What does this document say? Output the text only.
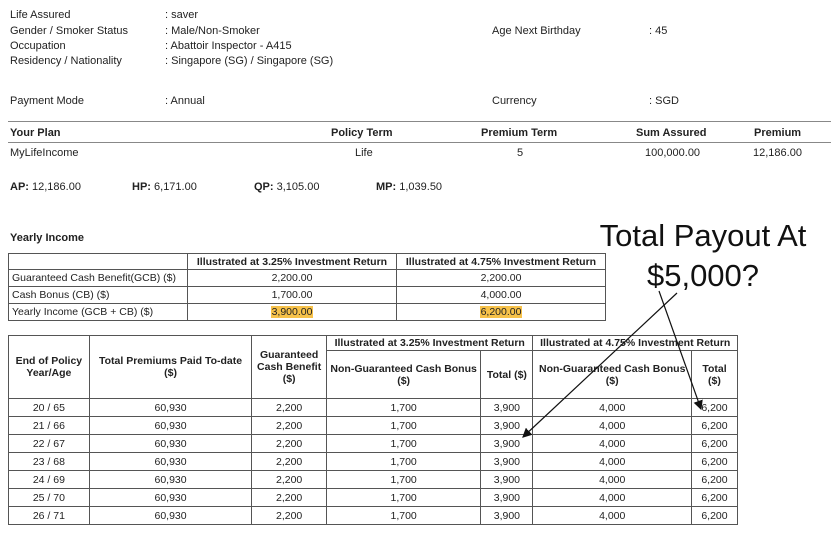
Life Assured	: saver
Gender / Smoker Status	: Male/Non-Smoker
Occupation	: Abattoir Inspector - A415
Residency / Nationality	: Singapore (SG) / Singapore (SG)
Age Next Birthday	: 45
Payment Mode	: Annual	Currency	: SGD
Your Plan	Policy Term	Premium Term	Sum Assured	Premium
MyLifeIncome	Life	5	100,000.00	12,186.00
AP: 12,186.00	HP: 6,171.00	QP: 3,105.00	MP: 1,039.50
Yearly Income
	Illustrated at 3.25% Investment Return	Illustrated at 4.75% Investment Return
Guaranteed Cash Benefit(GCB) ($)	2,200.00	2,200.00
Cash Bonus (CB) ($)	1,700.00	4,000.00
Yearly Income (GCB + CB) ($)	3,900.00	6,200.00
End of Policy Year/Age	Total Premiums Paid To-date ($)	Guaranteed Cash Benefit ($)	Illustrated at 3.25% Investment Return		Illustrated at 4.75% Investment Return	
			Non-Guaranteed Cash Bonus ($)	Total ($)	Non-Guaranteed Cash Bonus ($)	Total ($)
20 / 65	60,930	2,200	1,700	3,900	4,000	6,200
21 / 66	60,930	2,200	1,700	3,900	4,000	6,200
22 / 67	60,930	2,200	1,700	3,900	4,000	6,200
23 / 68	60,930	2,200	1,700	3,900	4,000	6,200
24 / 69	60,930	2,200	1,700	3,900	4,000	6,200
25 / 70	60,930	2,200	1,700	3,900	4,000	6,200
26 / 71	60,930	2,200	1,700	3,900	4,000	6,200
Total Payout At
$5,000?
